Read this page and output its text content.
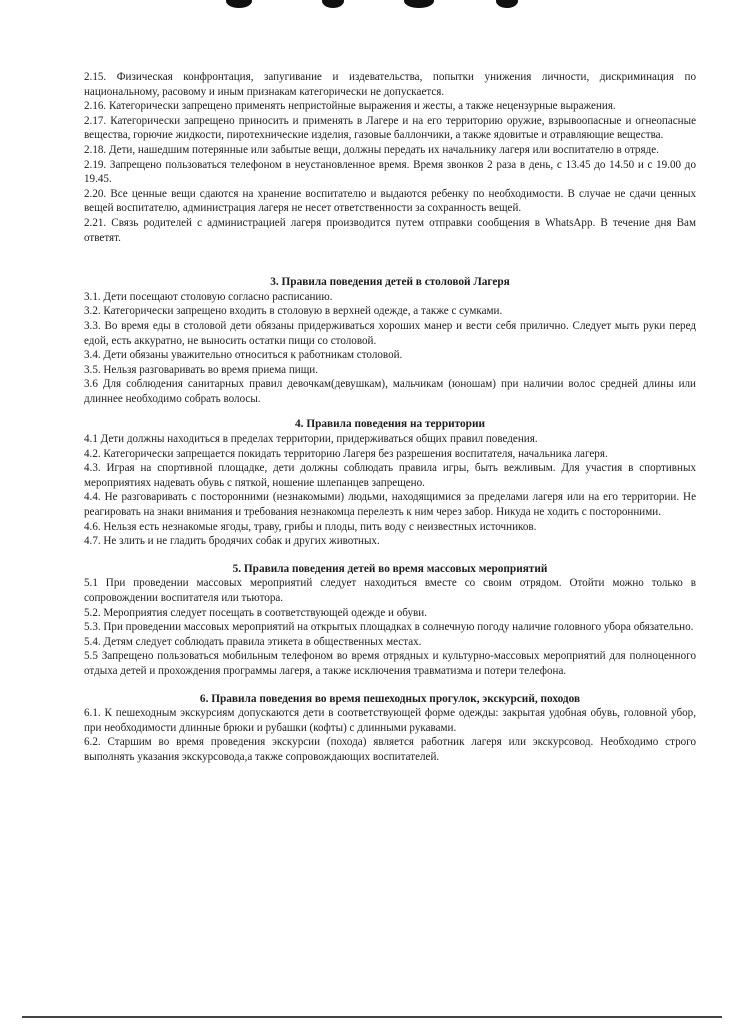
2.15. Физическая конфронтация, запугивание и издевательства, попытки унижения личности, дискриминация по национальному, расовому и иным признакам категорически не допускается.

2.16. Категорически запрещено применять непристойные выражения и жесты, а также нецензурные выражения.

2.17. Категорически запрещено приносить и применять в Лагере и на его территорию оружие, взрывоопасные и огнеопасные вещества, горючие жидкости, пиротехнические изделия, газовые баллончики, а также ядовитые и отравляющие вещества.

2.18. Дети, нашедшим потерянные или забытые вещи, должны передать их начальнику лагеря или воспитателю в отряде.

2.19. Запрещено пользоваться телефоном в неустановленное время. Время звонков 2 раза в день, с 13.45 до 14.50 и с 19.00 до 19.45.

2.20. Все ценные вещи сдаются на хранение воспитателю и выдаются ребенку по необходимости. В случае не сдачи ценных вещей воспитателю, администрация лагеря не несет ответственности за сохранность вещей.

2.21. Связь родителей с администрацией лагеря производится путем отправки сообщения в WhatsApp. В течение дня Вам ответят.

3. Правила поведения детей в столовой Лагеря

3.1. Дети посещают столовую согласно расписанию.

3.2. Категорически запрещено входить в столовую в верхней одежде, а также с сумками.

3.3. Во время еды в столовой дети обязаны придерживаться хороших манер и вести себя прилично. Следует мыть руки перед едой, есть аккуратно, не выносить остатки пищи со столовой.

3.4. Дети обязаны уважительно относиться к работникам столовой.

3.5. Нельзя разговаривать во время приема пищи.

3.6 Для соблюдения санитарных правил девочкам(девушкам), мальчикам (юношам) при наличии волос средней длины или длиннее необходимо собрать волосы.

4. Правила поведения на территории

4.1 Дети должны находиться в пределах территории, придерживаться общих правил поведения.

4.2. Категорически запрещается покидать территорию Лагеря без разрешения воспитателя, начальника лагеря.

4.3. Играя на спортивной площадке, дети должны соблюдать правила игры, быть вежливым. Для участия в спортивных мероприятиях надевать обувь с пяткой, ношение шлепанцев запрещено.

4.4. Не разговаривать с посторонними (незнакомыми) людьми, находящимися за пределами лагеря или на его территории. Не реагировать на знаки внимания и требования незнакомца перелезть к ним через забор. Никуда не ходить с посторонними.

4.6. Нельзя есть незнакомые ягоды, траву, грибы и плоды, пить воду с неизвестных источников.

4.7. Не злить и не гладить бродячих собак и других животных.

5. Правила поведения детей во время массовых мероприятий

5.1 При проведении массовых мероприятий следует находиться вместе со своим отрядом. Отойти можно только в сопровождении воспитателя или тьютора.

5.2. Мероприятия следует посещать в соответствующей одежде и обуви.

5.3. При проведении массовых мероприятий на открытых площадках в солнечную погоду наличие головного убора обязательно.

5.4. Детям следует соблюдать правила этикета в общественных местах.

5.5 Запрещено пользоваться мобильным телефоном во время отрядных и культурно-массовых мероприятий для полноценного отдыха детей и прохождения программы лагеря, а также исключения травматизма и потери телефона.

6. Правила поведения во время пешеходных прогулок, экскурсий, походов

6.1. К пешеходным экскурсиям допускаются дети в соответствующей форме одежды: закрытая удобная обувь, головной убор, при необходимости длинные брюки и рубашки (кофты) с длинными рукавами.

6.2. Старшим во время проведения экскурсии (похода) является работник лагеря или экскурсовод. Необходимо строго выполнять указания экскурсовода,а также сопровождающих воспитателей.
